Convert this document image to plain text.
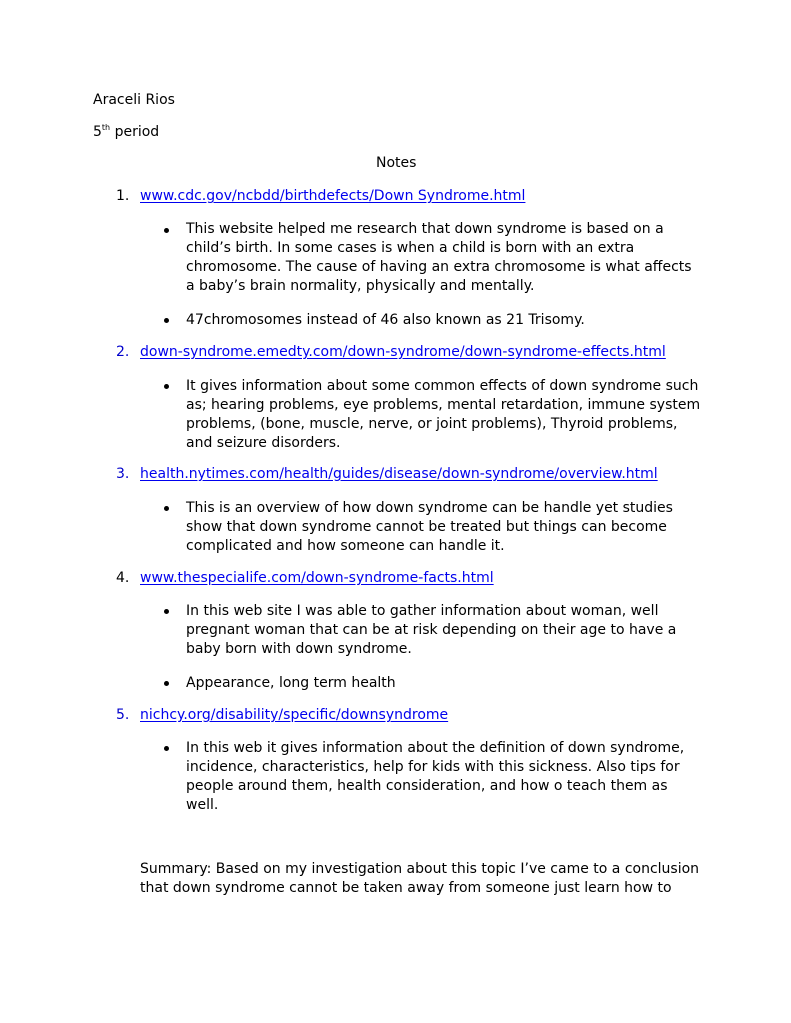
Araceli Rios
5th period
Notes
1. www.cdc.gov/ncbdd/birthdefects/Down Syndrome.html
This website helped me research that down syndrome is based on a child’s birth. In some cases is when a child is born with an extra chromosome. The cause of having an extra chromosome is what affects a baby’s brain normality, physically and mentally.
47chromosomes instead of 46 also known as 21 Trisomy.
2. down-syndrome.emedty.com/down-syndrome/down-syndrome-effects.html
It gives information about some common effects of down syndrome such as; hearing problems, eye problems, mental retardation, immune system problems, (bone, muscle, nerve, or joint problems), Thyroid problems, and seizure disorders.
3. health.nytimes.com/health/guides/disease/down-syndrome/overview.html
This is an overview of how down syndrome can be handle yet studies show that down syndrome cannot be treated but things can become complicated and how someone can handle it.
4. www.thespecialife.com/down-syndrome-facts.html
In this web site I was able to gather information about woman, well pregnant woman that can be at risk depending on their age to have a baby born with down syndrome.
Appearance, long term health
5. nichcy.org/disability/specific/downsyndrome
In this web it gives information about the definition of down syndrome, incidence, characteristics, help for kids with this sickness. Also tips for people around them, health consideration, and how o teach them as well.
Summary: Based on my investigation about this topic I’ve came to a conclusion that down syndrome cannot be taken away from someone just learn how to
